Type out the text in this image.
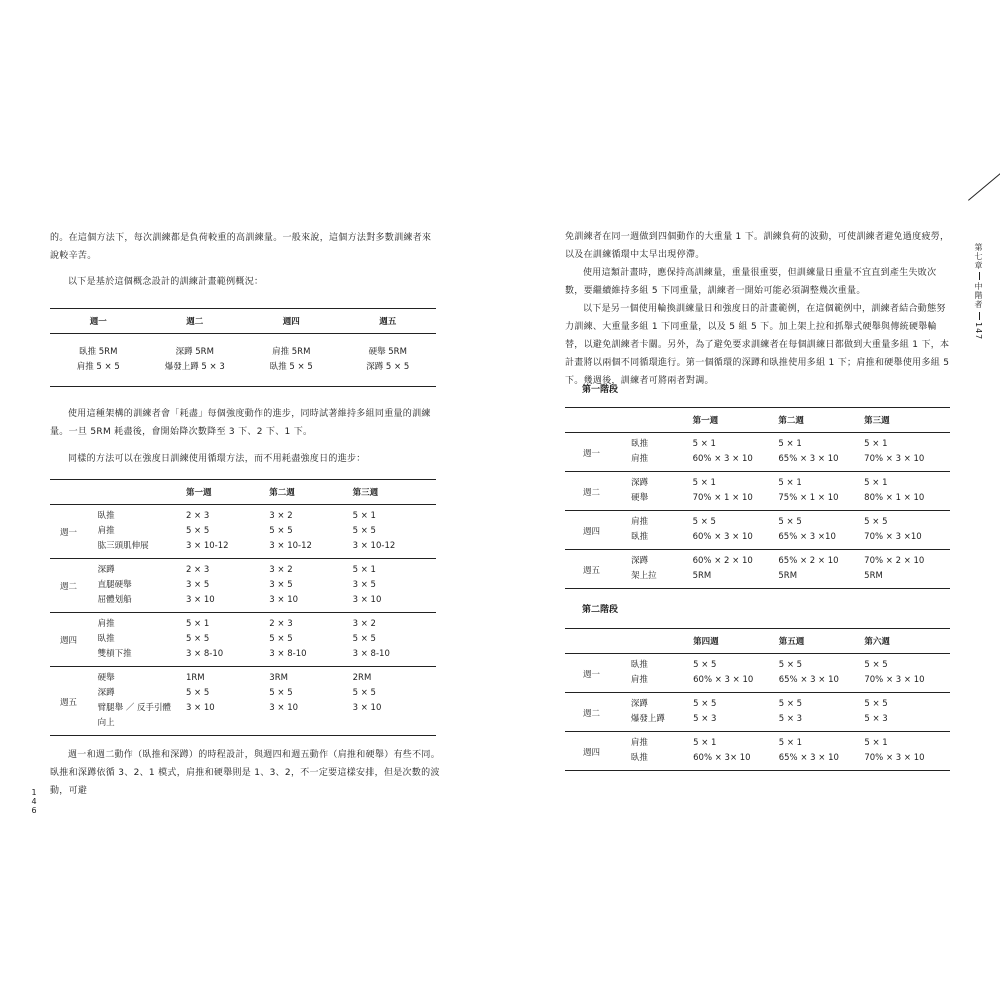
的。在這個方法下，每次訓練都是負荷較重的高訓練量。一般來說，這個方法對多數訓練者來說較辛苦。

以下是基於這個概念設計的訓練計畫範例概況：

週一	週二	週四	週五
臥推 5RM	深蹲 5RM	肩推 5RM	硬舉 5RM
肩推 5 × 5	爆發上蹲 5 × 3	臥推 5 × 5	深蹲 5 × 5

使用這種架構的訓練者會「耗盡」每個強度動作的進步，同時試著維持多組同重量的訓練量。一旦 5RM 耗盡後，會開始降次數降至 3 下、2 下、1 下。

同樣的方法可以在強度日訓練使用循環方法，而不用耗盡強度日的進步：

		第一週	第二週	第三週
週一	臥推	2 × 3	3 × 2	5 × 1
	肩推	5 × 5	5 × 5	5 × 5
	肱三頭肌伸展	3 × 10-12	3 × 10-12	3 × 10-12
週二	深蹲	2 × 3	3 × 2	5 × 1
	直腿硬舉	3 × 5	3 × 5	3 × 5
	屈體划船	3 × 10	3 × 10	3 × 10
週四	肩推	5 × 1	2 × 3	3 × 2
	臥推	5 × 5	5 × 5	5 × 5
	雙槓下推	3 × 8-10	3 × 8-10	3 × 8-10
週五	硬舉	1RM	3RM	2RM
	深蹲	5 × 5	5 × 5	5 × 5
	臂腿舉 ／ 反手引體	3 × 10	3 × 10	3 × 10
	向上			

週一和週二動作（臥推和深蹲）的時程設計，與週四和週五動作（肩推和硬舉）有些不同。臥推和深蹲依循 3、2、1 模式，肩推和硬舉則是 1、3、2，不一定要這樣安排，但是次數的波動，可避

146

免訓練者在同一週做到四個動作的大重量 1 下。訓練負荷的波動，可使訓練者避免過度疲勞，以及在訓練循環中太早出現停滯。

使用這類計畫時，應保持高訓練量，重量很重要，但訓練量日重量不宜直到產生失敗次數，要繼續維持多組 5 下同重量，訓練者一開始可能必須調整幾次重量。

以下是另一個使用輪換訓練量日和強度日的計畫範例，在這個範例中，訓練者結合動態努力訓練、大重量多組 1 下同重量，以及 5 組 5 下。加上架上拉和抓舉式硬舉與傳統硬舉輪替，以避免訓練者卡關。另外，為了避免要求訓練者在每個訓練日都做到大重量多組 1 下，本計畫將以兩個不同循環進行。第一個循環的深蹲和臥推使用多組 1 下；肩推和硬舉使用多組 5 下。幾週後，訓練者可將兩者對調。

第一階段

第二階段

第七章
中階者
147
		第一週	第二週	第三週
週一	臥推	5 × 1	5 × 1	5 × 1
	肩推	60% × 3 × 10	65% × 3 × 10	70% × 3 × 10
週二	深蹲	5 × 1	5 × 1	5 × 1
	硬舉	70% × 1 × 10	75% × 1 × 10	80% × 1 × 10
週四	肩推	5 × 5	5 × 5	5 × 5
	臥推	60% × 3 × 10	65% × 3 ×10	70% × 3 ×10
週五	深蹲	60% × 2 × 10	65% × 2 × 10	70% × 2 × 10
	架上拉	5RM	5RM	5RM
		第四週	第五週	第六週
週一	臥推	5 × 5	5 × 5	5 × 5
	肩推	60% × 3 × 10	65% × 3 × 10	70% × 3 × 10
週二	深蹲	5 × 5	5 × 5	5 × 5
	爆發上蹲	5 × 3	5 × 3	5 × 3
週四	肩推	5 × 1	5 × 1	5 × 1
	臥推	60% × 3× 10	65% × 3 × 10	70% × 3 × 10
